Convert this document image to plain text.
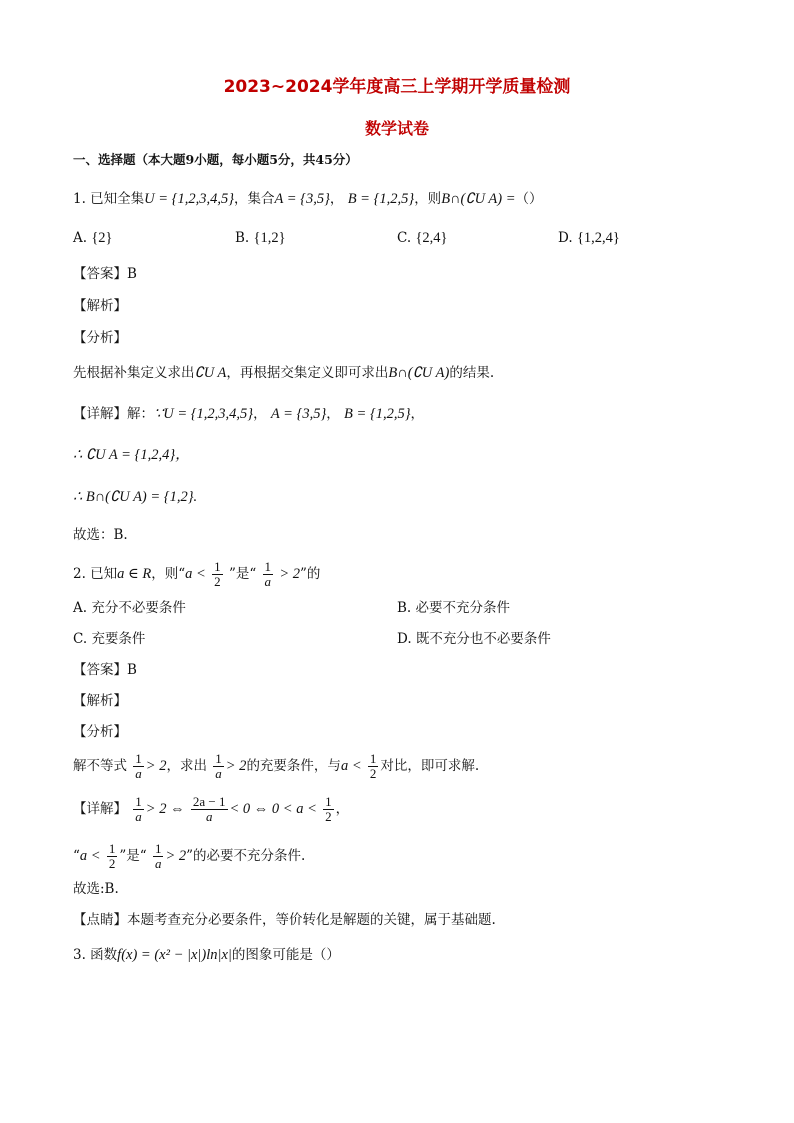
2023~2024学年度高三上学期开学质量检测
数学试卷
一、选择题（本大题9小题，每小题5分，共45分）
1. 已知全集U = {1,2,3,4,5}，集合A = {3,5}， B = {1,2,5}，则B∩(∁U A) =（）
A. {2}	B. {1,2}	C. {2,4}	D. {1,2,4}
【答案】B
【解析】
【分析】
先根据补集定义求出∁U A，再根据交集定义即可求出B∩(∁U A)的结果.
【详解】解：∵U = {1,2,3,4,5}， A = {3,5}， B = {1,2,5}，
∴ ∁U A = {1,2,4}，
∴ B∩(∁U A) = {1,2}.
故选：B.
2. 已知a ∈ R，则“$a < \frac{1}{2}$ ”是“ $\frac{1}{a} > 2$”的
A. 充分不必要条件	B. 必要不充分条件
C. 充要条件	D. 既不充分也不必要条件
【答案】B
【解析】
【分析】
解不等式 $\frac{1}{a} > 2$，求出 $\frac{1}{a} > 2$的充要条件，与$a < \frac{1}{2}$ 对比，即可求解.
【详解】 $\frac{1}{a} > 2$ ⇔ $\frac{2a - 1}{a} < 0$ ⇔ $0 < a < \frac{1}{2}$ ，
“$a < \frac{1}{2}$ ”是“ $\frac{1}{a} > 2$”的必要不充分条件.
故选:B.
【点睛】本题考查充分必要条件，等价转化是解题的关键，属于基础题.
3. 函数f(x) = (x² − |x|)ln|x|的图象可能是（）
